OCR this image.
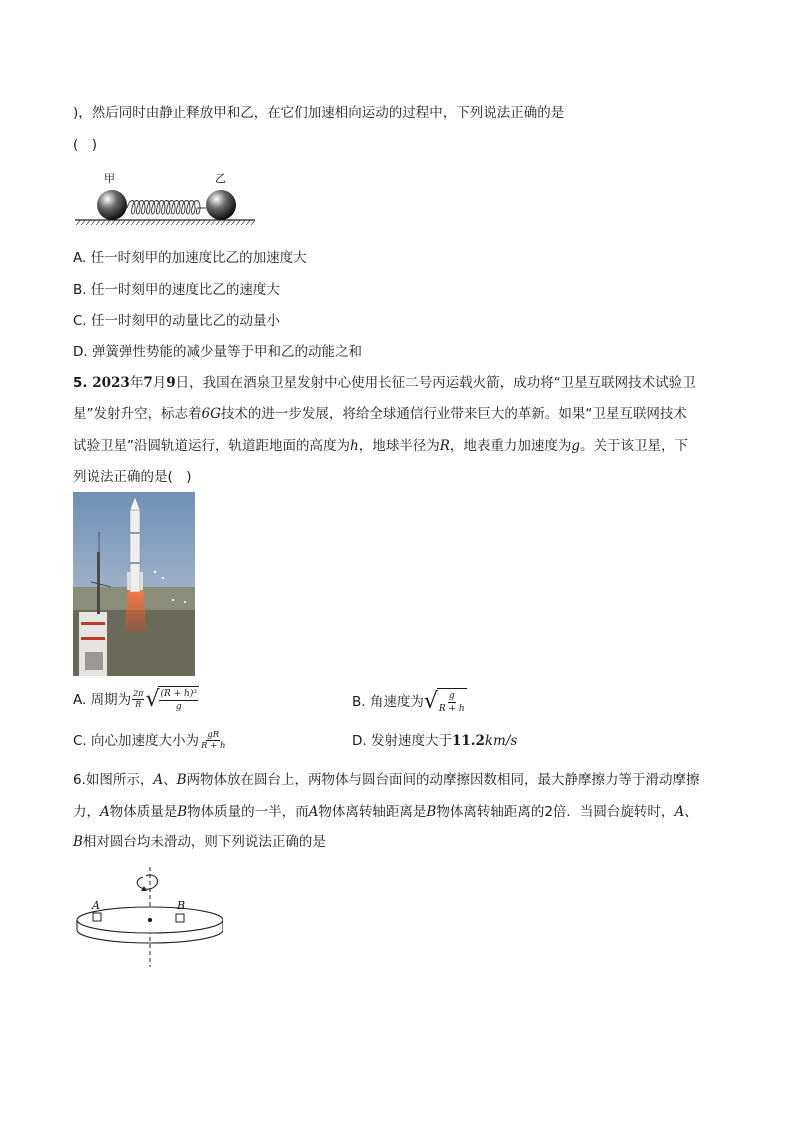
)，然后同时由静止释放甲和乙，在它们加速相向运动的过程中，下列说法正确的是
(　)
甲	乙
A. 任一时刻甲的加速度比乙的加速度大
B. 任一时刻甲的速度比乙的速度大
C. 任一时刻甲的动量比乙的动量小
D. 弹簧弹性势能的减少量等于甲和乙的动能之和
5. 2023年7月9日，我国在酒泉卫星发射中心使用长征二号丙运载火箭，成功将“卫星互联网技术试验卫
星”发射升空，标志着6G技术的进一步发展，将给全球通信行业带来巨大的革新。如果“卫星互联网技术
试验卫星”沿圆轨道运行，轨道距地面的高度为h，地球半径为R，地表重力加速度为g。关于该卫星，下
列说法正确的是(　)
A. 周期为 $\frac{2\pi}{R}$ √ $\frac{\text{(R + h)³}}{g}$	B. 角速度为 √ $\frac{g}{R + h}$
C. 向心加速度大小为 $\frac{gR}{R + h}$	D. 发射速度大于 11.2 km/s
6.如图所示，A、B两物体放在圆台上，两物体与圆台面间的动摩擦因数相同，最大静摩擦力等于滑动摩擦
力，A物体质量是B物体质量的一半，而A物体离转轴距离是B物体离转轴距离的2倍．当圆台旋转时，A、
B相对圆台均未滑动，则下列说法正确的是
A	B
